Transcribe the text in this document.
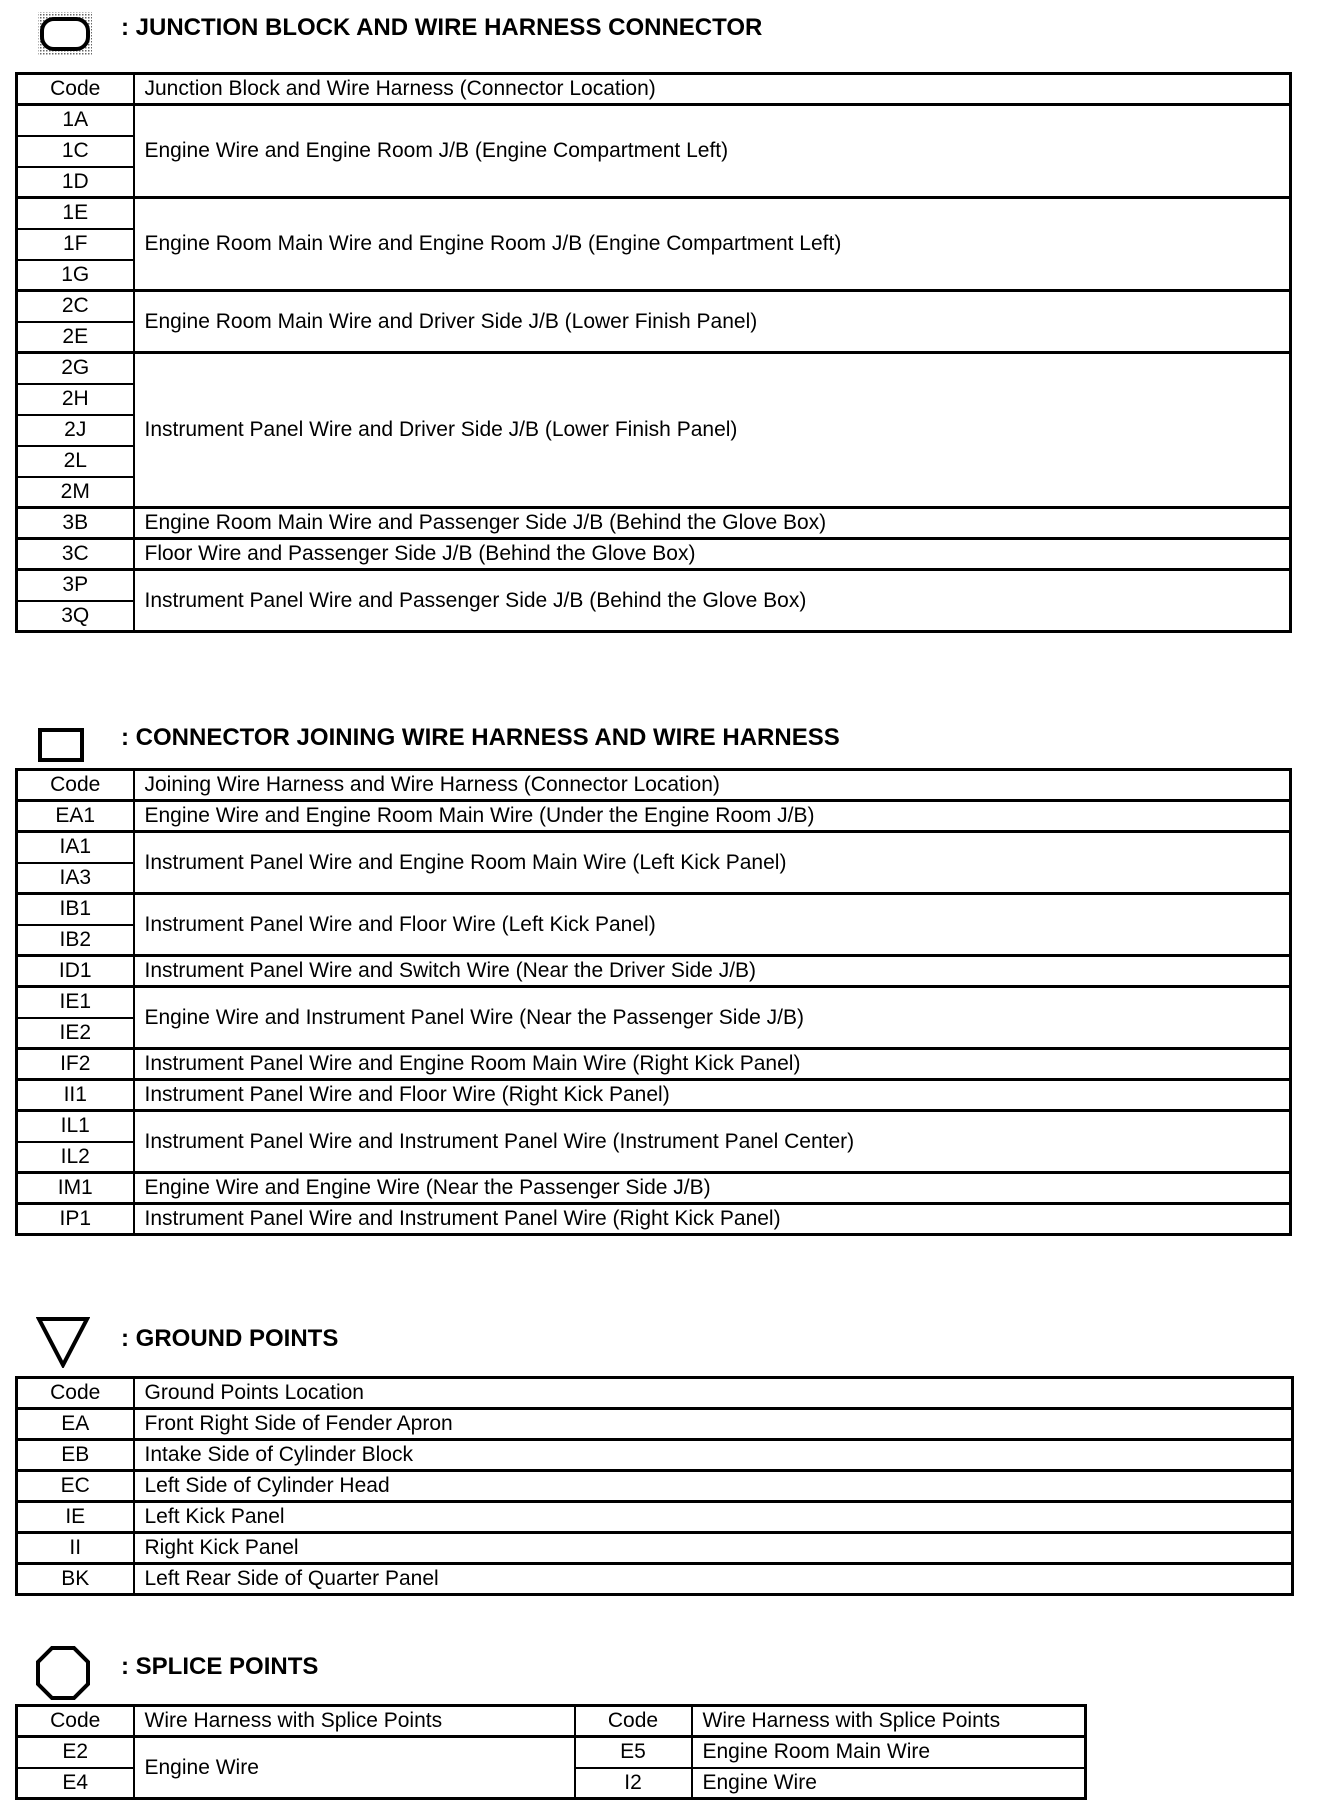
: JUNCTION BLOCK AND WIRE HARNESS CONNECTOR
Code	Junction Block and Wire Harness (Connector Location)
1A	Engine Wire and Engine Room J/B (Engine Compartment Left)
1C	
1D	
1E	Engine Room Main Wire and Engine Room J/B (Engine Compartment Left)
1F	
1G	
2C	Engine Room Main Wire and Driver Side J/B (Lower Finish Panel)
2E	
2G	Instrument Panel Wire and Driver Side J/B (Lower Finish Panel)
2H	
2J	
2L	
2M	
3B	Engine Room Main Wire and Passenger Side J/B (Behind the Glove Box)
3C	Floor Wire and Passenger Side J/B (Behind the Glove Box)
3P	Instrument Panel Wire and Passenger Side J/B (Behind the Glove Box)
3Q	
: CONNECTOR JOINING WIRE HARNESS AND WIRE HARNESS
Code	Joining Wire Harness and Wire Harness (Connector Location)
EA1	Engine Wire and Engine Room Main Wire (Under the Engine Room J/B)
IA1	Instrument Panel Wire and Engine Room Main Wire (Left Kick Panel)
IA3	
IB1	Instrument Panel Wire and Floor Wire (Left Kick Panel)
IB2	
ID1	Instrument Panel Wire and Switch Wire (Near the Driver Side J/B)
IE1	Engine Wire and Instrument Panel Wire (Near the Passenger Side J/B)
IE2	
IF2	Instrument Panel Wire and Engine Room Main Wire (Right Kick Panel)
II1	Instrument Panel Wire and Floor Wire (Right Kick Panel)
IL1	Instrument Panel Wire and Instrument Panel Wire (Instrument Panel Center)
IL2	
IM1	Engine Wire and Engine Wire (Near the Passenger Side J/B)
IP1	Instrument Panel Wire and Instrument Panel Wire (Right Kick Panel)
: GROUND POINTS
Code	Ground Points Location
EA	Front Right Side of Fender Apron
EB	Intake Side of Cylinder Block
EC	Left Side of Cylinder Head
IE	Left Kick Panel
II	Right Kick Panel
BK	Left Rear Side of Quarter Panel
: SPLICE POINTS
Code	Wire Harness with Splice Points	Code	Wire Harness with Splice Points
E2	Engine Wire	E5	Engine Room Main Wire
E4		I2	Engine Wire
